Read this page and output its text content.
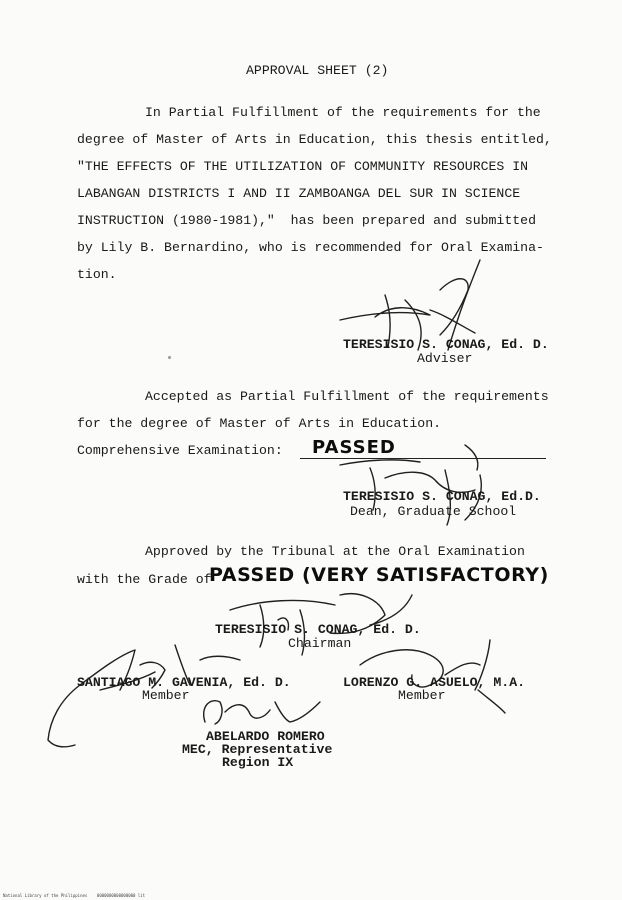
APPROVAL SHEET (2)
In Partial Fulfillment of the requirements for the
degree of Master of Arts in Education, this thesis entitled,
"THE EFFECTS OF THE UTILIZATION OF COMMUNITY RESOURCES IN
LABANGAN DISTRICTS I AND II ZAMBOANGA DEL SUR IN SCIENCE
INSTRUCTION (1980-1981),"  has been prepared and submitted
by Lily B. Bernardino, who is recommended for Oral Examina-
tion.
TERESISIO S. CONAG, Ed. D.
Adviser
Accepted as Partial Fulfillment of the requirements
for the degree of Master of Arts in Education.
Comprehensive Examination: PASSED
TERESISIO S. CONAG, Ed.D.
Dean, Graduate School
Approved by the Tribunal at the Oral Examination
with the Grade of
PASSED (VERY SATISFACTORY)
TERESISIO S. CONAG, Ed. D.
Chairman
SANTIAGO M. GAVENIA, Ed. D.
Member
LORENZO G. ASUELO, M.A.
Member
ABELARDO ROMERO
MEC, Representative
Region IX
National Library of the Philippines    0000000000000000 lit
